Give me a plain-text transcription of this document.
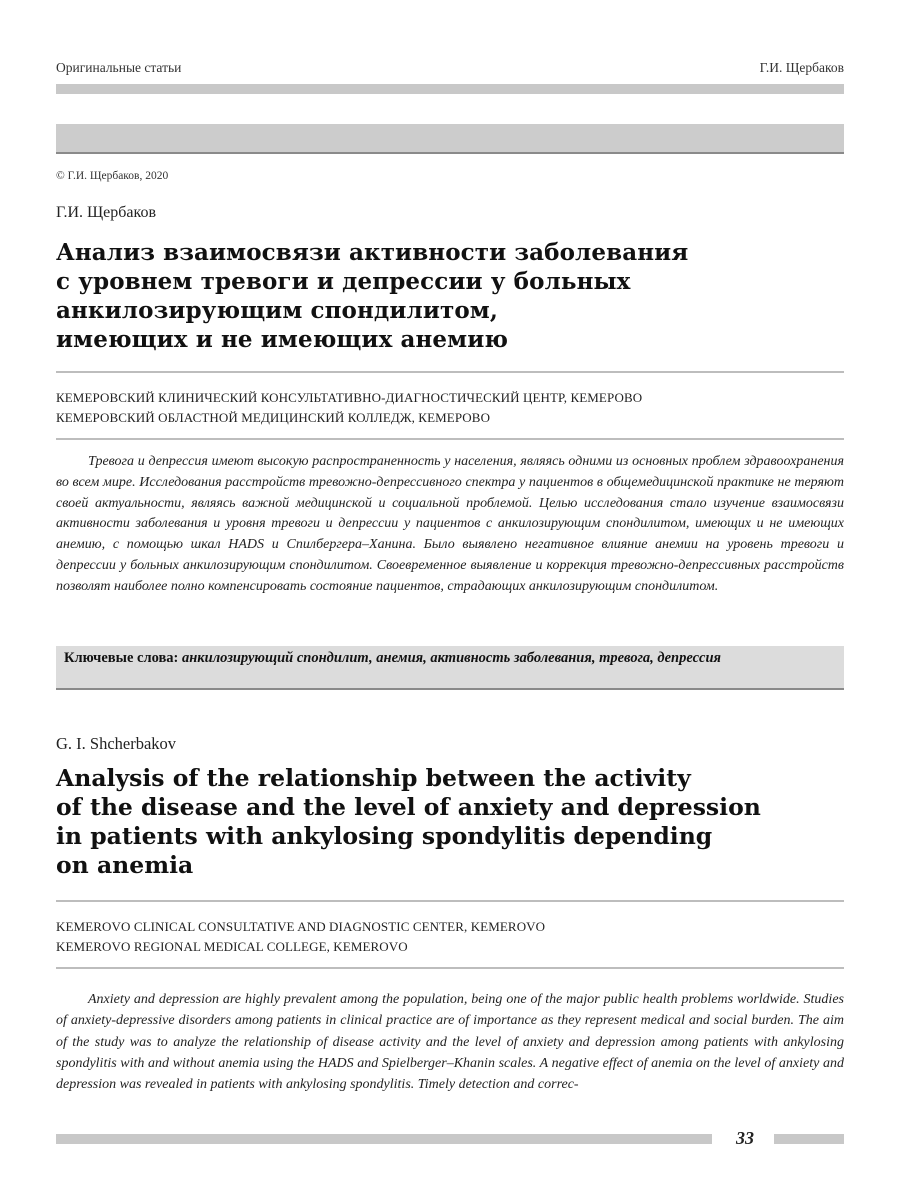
Оригинальные статьи	Г.И. Щербаков
© Г.И. Щербаков, 2020
Г.И. Щербаков
Анализ взаимосвязи активности заболевания
с уровнем тревоги и депрессии у больных
анкилозирующим спондилитом,
имеющих и не имеющих анемию
КЕМЕРОВСКИЙ КЛИНИЧЕСКИЙ КОНСУЛЬТАТИВНО-ДИАГНОСТИЧЕСКИЙ ЦЕНТР, КЕМЕРОВО
КЕМЕРОВСКИЙ ОБЛАСТНОЙ МЕДИЦИНСКИЙ КОЛЛЕДЖ, КЕМЕРОВО

Тревога и депрессия имеют высокую распространенность у населения, являясь одними из основных проблем здравоохранения во всем мире. Исследования расстройств тревожно-депрессивного спектра у пациентов в общемедицинской практике не теряют своей актуальности, являясь важной медицинской и социальной проблемой. Целью исследования стало изучение взаимосвязи активности заболевания и уровня тревоги и депрессии у пациентов с анкилозирующим спондилитом, имеющих и не имеющих анемию, с помощью шкал HADS и Спилбергера–Ханина. Было выявлено негативное влияние анемии на уровень тревоги и депрессии у больных анкилозирующим спондилитом. Своевременное выявление и коррекция тревожно-депрессивных расстройств позволят наиболее полно компенсировать состояние пациентов, страдающих анкилозирующим спондилитом.

Ключевые слова: анкилозирующий спондилит, анемия, активность заболевания, тревога, депрессия
G. I. Shcherbakov
Analysis of the relationship between the activity
of the disease and the level of anxiety and depression
in patients with ankylosing spondylitis depending
on anemia
KEMEROVO CLINICAL CONSULTATIVE AND DIAGNOSTIC CENTER, KEMEROVO
KEMEROVO REGIONAL MEDICAL COLLEGE, KEMEROVO

Anxiety and depression are highly prevalent among the population, being one of the major public health problems worldwide. Studies of anxiety-depressive disorders among patients in clinical practice are of importance as they represent medical and social burden. The aim of the study was to analyze the relationship of disease activity and the level of anxiety and depression among patients with ankylosing spondylitis with and without anemia using the HADS and Spielberger–Khanin scales. A negative effect of anemia on the level of anxiety and depression was revealed in patients with ankylosing spondylitis. Timely detection and correc-

33
